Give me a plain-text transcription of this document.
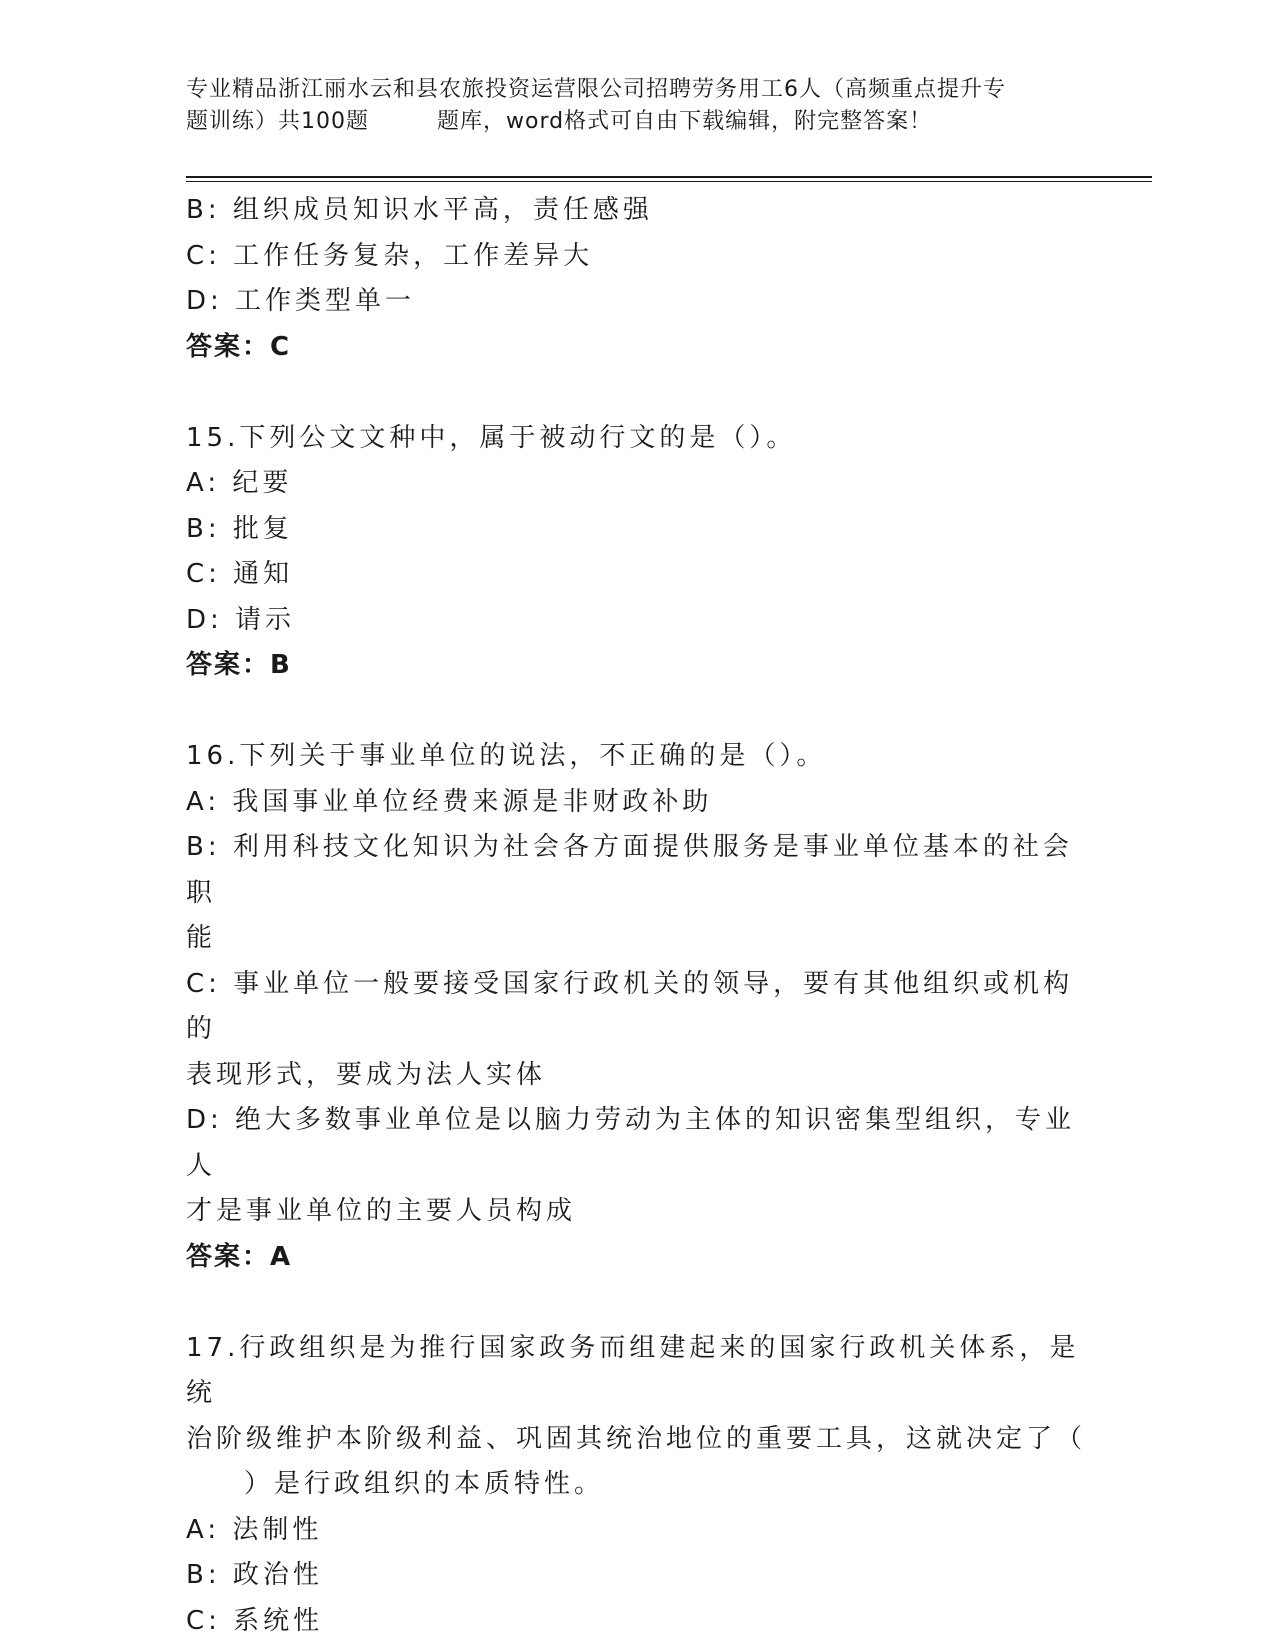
专业精品浙江丽水云和县农旅投资运营限公司招聘劳务用工6人（高频重点提升专
题训练）共100题	题库，word格式可自由下载编辑，附完整答案！
B: 组织成员知识水平高，责任感强
C: 工作任务复杂，工作差异大
D: 工作类型单一
答案：C
15.下列公文文种中，属于被动行文的是（）。
A: 纪要
B: 批复
C: 通知
D: 请示
答案：B
16.下列关于事业单位的说法，不正确的是（）。
A: 我国事业单位经费来源是非财政补助
B: 利用科技文化知识为社会各方面提供服务是事业单位基本的社会职
能
C: 事业单位一般要接受国家行政机关的领导，要有其他组织或机构的
表现形式，要成为法人实体
D: 绝大多数事业单位是以脑力劳动为主体的知识密集型组织，专业人
才是事业单位的主要人员构成
答案：A
17.行政组织是为推行国家政务而组建起来的国家行政机关体系，是统
治阶级维护本阶级利益、巩固其统治地位的重要工具，这就决定了（
）是行政组织的本质特性。
A: 法制性
B: 政治性
C: 系统性
